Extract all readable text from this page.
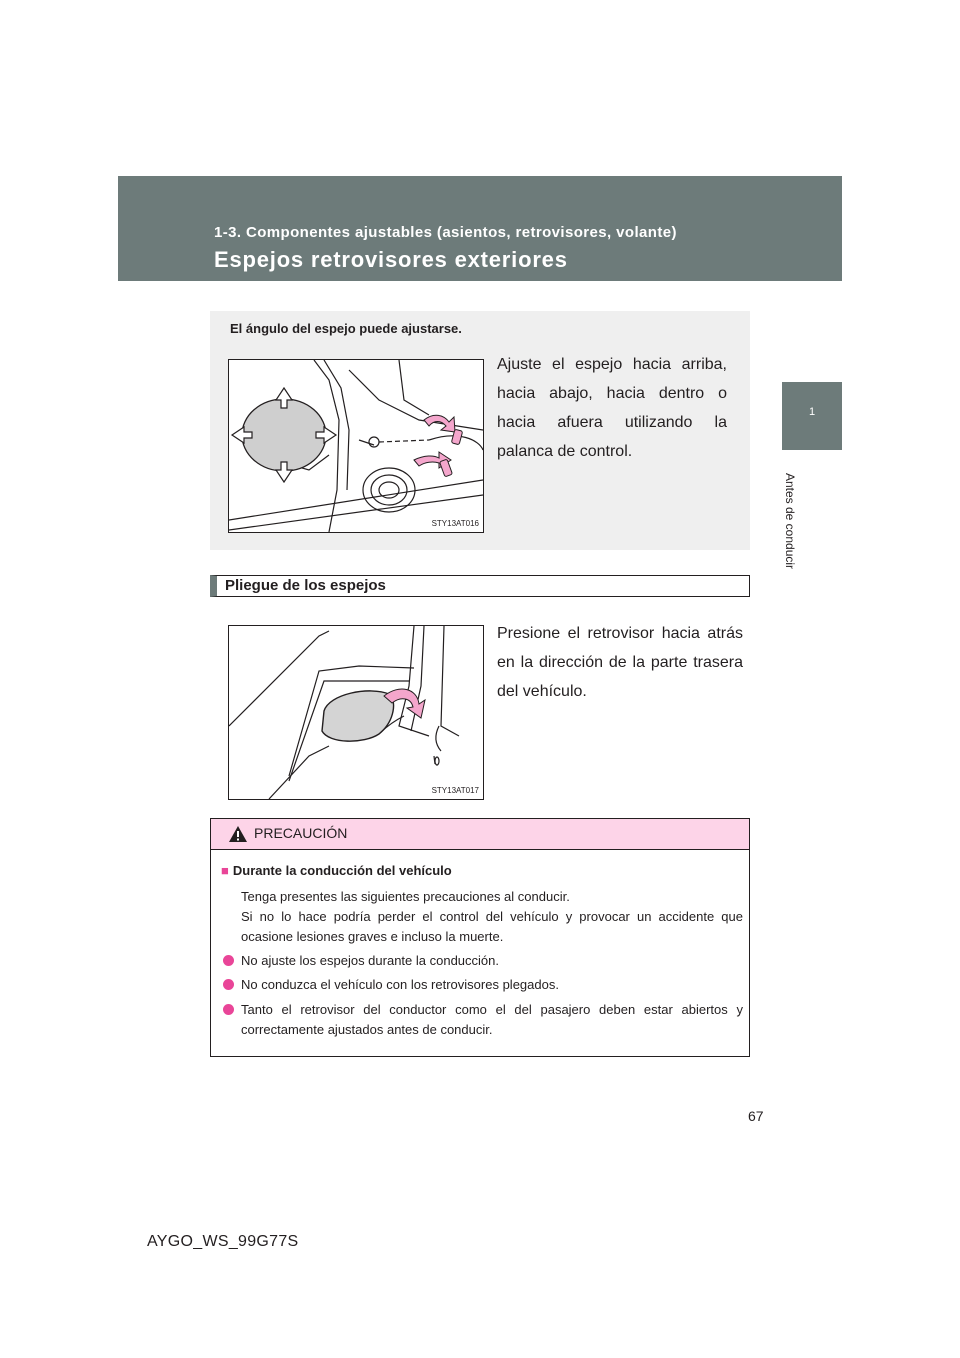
1-3. Componentes ajustables (asientos, retrovisores, volante)
Espejos retrovisores exteriores
1
Antes de conducir
El ángulo del espejo puede ajustarse.
STY13AT016
Ajuste el espejo hacia arriba, hacia abajo, hacia dentro o hacia afuera utilizando la palanca de control.
Pliegue de los espejos
STY13AT017
Presione el retrovisor hacia atrás en la dirección de la parte trasera del vehículo.
PRECAUCIÓN
■ Durante la conducción del vehículo
Tenga presentes las siguientes precauciones al conducir.
Si no lo hace podría perder el control del vehículo y provocar un accidente que ocasione lesiones graves e incluso la muerte.
No ajuste los espejos durante la conducción.
No conduzca el vehículo con los retrovisores plegados.
Tanto el retrovisor del conductor como el del pasajero deben estar abiertos y correctamente ajustados antes de conducir.
67
AYGO_WS_99G77S
